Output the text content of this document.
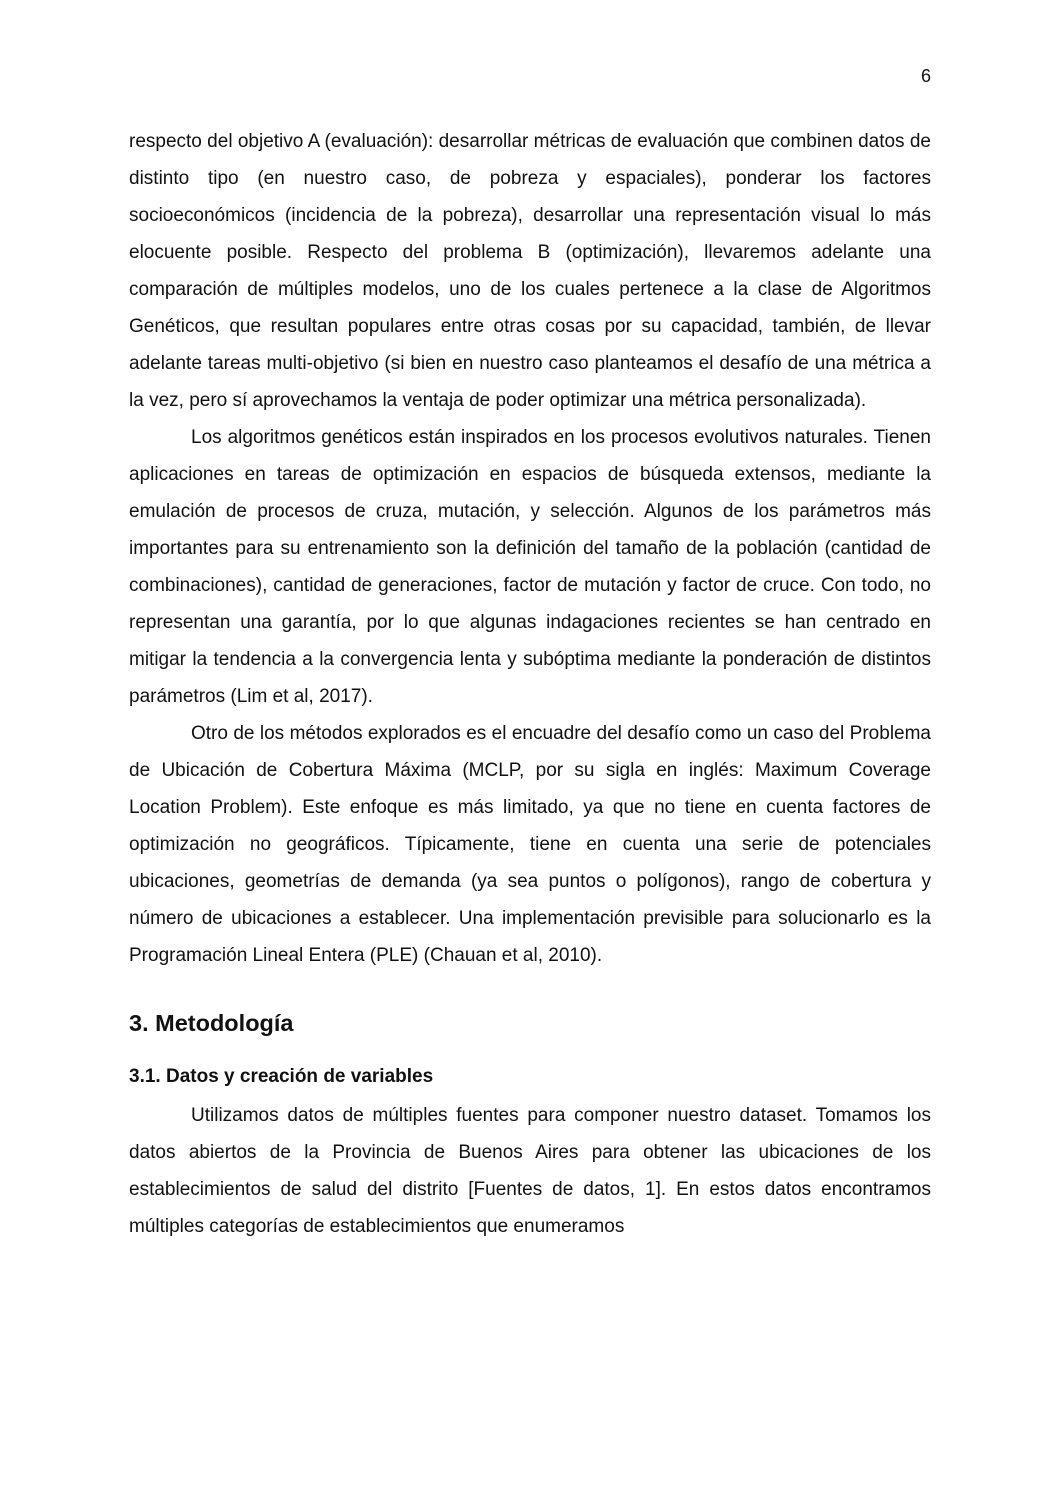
6

respecto del objetivo A (evaluación): desarrollar métricas de evaluación que combinen datos de distinto tipo (en nuestro caso, de pobreza y espaciales), ponderar los factores socioeconómicos (incidencia de la pobreza), desarrollar una representación visual lo más elocuente posible. Respecto del problema B (optimización), llevaremos adelante una comparación de múltiples modelos, uno de los cuales pertenece a la clase de Algoritmos Genéticos, que resultan populares entre otras cosas por su capacidad, también, de llevar adelante tareas multi-objetivo (si bien en nuestro caso planteamos el desafío de una métrica a la vez, pero sí aprovechamos la ventaja de poder optimizar una métrica personalizada).

Los algoritmos genéticos están inspirados en los procesos evolutivos naturales. Tienen aplicaciones en tareas de optimización en espacios de búsqueda extensos, mediante la emulación de procesos de cruza, mutación, y selección. Algunos de los parámetros más importantes para su entrenamiento son la definición del tamaño de la población (cantidad de combinaciones), cantidad de generaciones, factor de mutación y factor de cruce. Con todo, no representan una garantía, por lo que algunas indagaciones recientes se han centrado en mitigar la tendencia a la convergencia lenta y subóptima mediante la ponderación de distintos parámetros (Lim et al, 2017).

Otro de los métodos explorados es el encuadre del desafío como un caso del Problema de Ubicación de Cobertura Máxima (MCLP, por su sigla en inglés: Maximum Coverage Location Problem). Este enfoque es más limitado, ya que no tiene en cuenta factores de optimización no geográficos. Típicamente, tiene en cuenta una serie de potenciales ubicaciones, geometrías de demanda (ya sea puntos o polígonos), rango de cobertura y número de ubicaciones a establecer. Una implementación previsible para solucionarlo es la Programación Lineal Entera (PLE) (Chauan et al, 2010).

3. Metodología
3.1. Datos y creación de variables

Utilizamos datos de múltiples fuentes para componer nuestro dataset. Tomamos los datos abiertos de la Provincia de Buenos Aires para obtener las ubicaciones de los establecimientos de salud del distrito [Fuentes de datos, 1]. En estos datos encontramos múltiples categorías de establecimientos que enumeramos
